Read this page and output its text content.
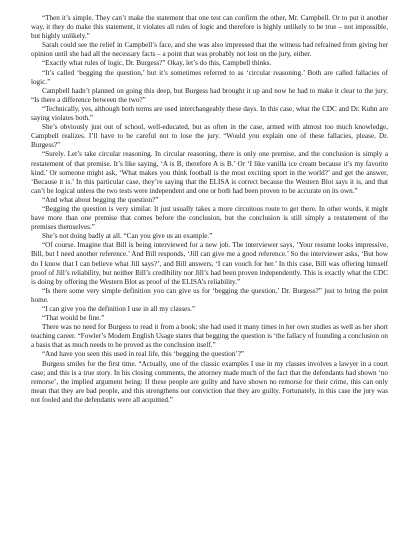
“Then it’s simple. They can’t make the statement that one test can confirm the other, Mr. Campbell. Or to put it another way, it they do make this statement, it violates all rules of logic and therefore is highly unlikely to be true – not impossible, but highly unlikely.”

Sarah could see the relief in Campbell’s face, and she was also impressed that the witness had refrained from giving her opinion until she had all the necessary facts – a point that was probably not lost on the jury, either.

“Exactly what rules of logic, Dr. Burgess?” Okay, let’s do this, Campbell thinks.

“It’s called ‘begging the question,’ but it’s sometimes referred to as ‘circular reasoning.’ Both are called fallacies of logic.”

Campbell hadn’t planned on going this deep, but Burgess had brought it up and now he had to make it clear to the jury. “Is there a difference between the two?”

“Technically, yes, although both terms are used interchangeably these days. In this case, what the CDC and Dr. Kuhn are saying violates both.”

She’s obviously just out of school, well-educated, but as often in the case, armed with almost too much knowledge, Campbell realizes. I’ll have to be careful not to lose the jury. “Would you explain one of these fallacies, please, Dr. Burgess?”

“Surely. Let’s take circular reasoning. In circular reasoning, there is only one premise, and the conclusion is simply a restatement of that premise. It’s like saying, ‘A is B, therefore A is B.’ Or ‘I like vanilla ice cream because it’s my favorite kind.’ Or someone might ask, ‘What makes you think football is the most exciting sport in the world?’ and get the answer, ‘Because it is.’ In this particular case, they’re saying that the ELISA is correct because the Western Blot says it is, and that can’t be logical unless the two tests were independent and one or both had been proven to be accurate on its own.”

“And what about begging the question?”

“Begging the question is very similar. It just usually takes a more circuitous route to get there. In other words, it might have more than one premise that comes before the conclusion, but the conclusion is still simply a restatement of the premises themselves.”

She’s not doing badly at all. “Can you give us an example.”

“Of course. Imagine that Bill is being interviewed for a new job. The interviewer says, ‘Your resume looks impressive, Bill, but I need another reference.’ And Bill responds, ‘Jill can give me a good reference.’ So the interviewer asks, ‘But how do I know that I can believe what Jill says?’, and Bill answers, ‘I can vouch for her.’ In this case, Bill was offering himself proof of Jill’s reliability, but neither Bill’s credibility nor Jill’s had been proven independently. This is exactly what the CDC is doing by offering the Western Blot as proof of the ELISA’s reliability.”

“Is there some very simple definition you can give us for ‘begging the question,’ Dr. Burgess?” just to bring the point home.

“I can give you the definition I use in all my classes.”

“That would be fine.”

There was no need for Burgess to read it from a book; she had used it many times in her own studies as well as her short teaching career. “Fowler’s Modern English Usage states that begging the question is ‘the fallacy of founding a conclusion on a basis that as much needs to be proved as the conclusion itself.”

“And have you seen this used in real life, this ‘begging the question’?”

Burgess smiles for the first time. “Actually, one of the classic examples I use in my classes involves a lawyer in a court case; and this is a true story. In his closing comments, the attorney made much of the fact that the defendants had shown ‘no remorse’, the implied argument being: If these people are guilty and have shown no remorse for their crime, this can only mean that they are bad people, and this strengthens our conviction that they are guilty. Fortunately, in this case the jury was not fooled and the defendants were all acquitted.”
